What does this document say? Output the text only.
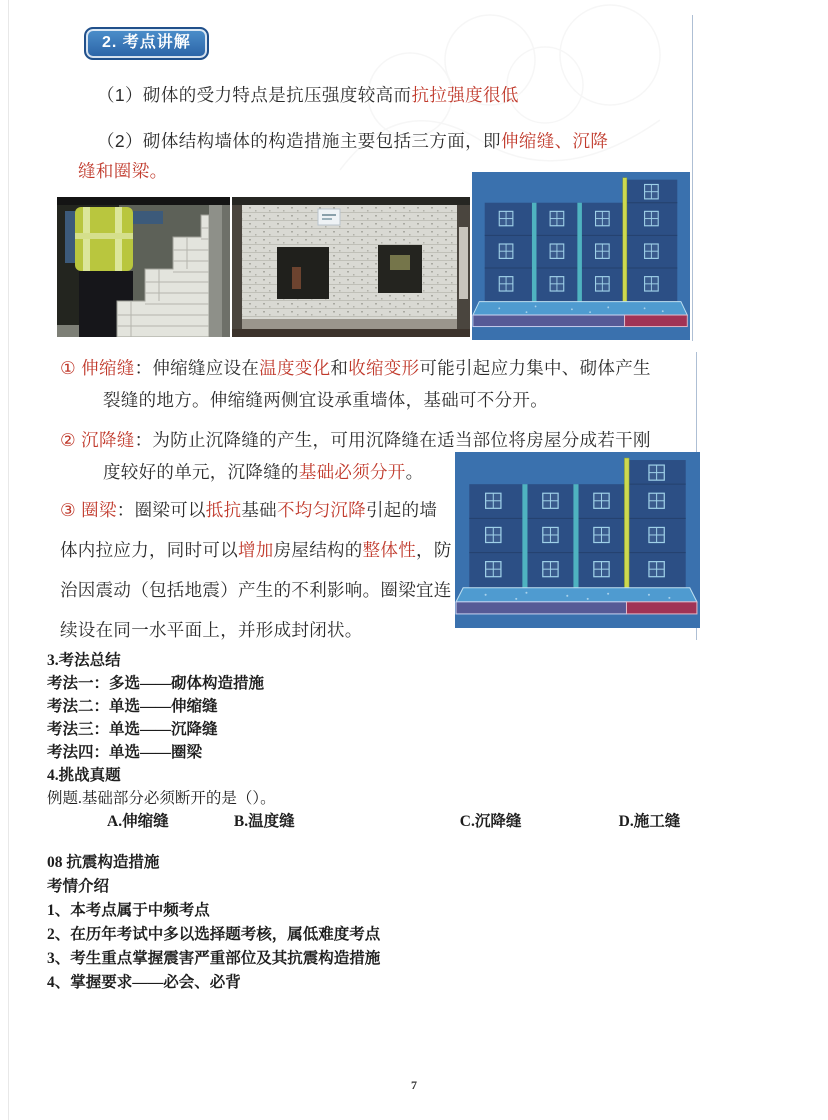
2. 考点讲解
（1）砌体的受力特点是抗压强度较高而抗拉强度很低
（2）砌体结构墙体的构造措施主要包括三方面，即伸缩缝、沉降
缝和圈梁。
① 伸缩缝：伸缩缝应设在温度变化和收缩变形可能引起应力集中、砌体产生
裂缝的地方。伸缩缝两侧宜设承重墙体，基础可不分开。
② 沉降缝：为防止沉降缝的产生，可用沉降缝在适当部位将房屋分成若干刚
度较好的单元，沉降缝的基础必须分开。
③ 圈梁：圈梁可以抵抗基础不均匀沉降引起的墙
体内拉应力，同时可以增加房屋结构的整体性，防
治因震动（包括地震）产生的不利影响。圈梁宜连
续设在同一水平面上，并形成封闭状。
3.考法总结
考法一：多选——砌体构造措施
考法二：单选——伸缩缝
考法三：单选——沉降缝
考法四：单选——圈梁
4.挑战真题
例题.基础部分必须断开的是（）。
A.伸缩缝	B.温度缝	C.沉降缝	D.施工缝
08 抗震构造措施
考情介绍
1、本考点属于中频考点
2、在历年考试中多以选择题考核，属低难度考点
3、考生重点掌握震害严重部位及其抗震构造措施
4、掌握要求——必会、必背
7
